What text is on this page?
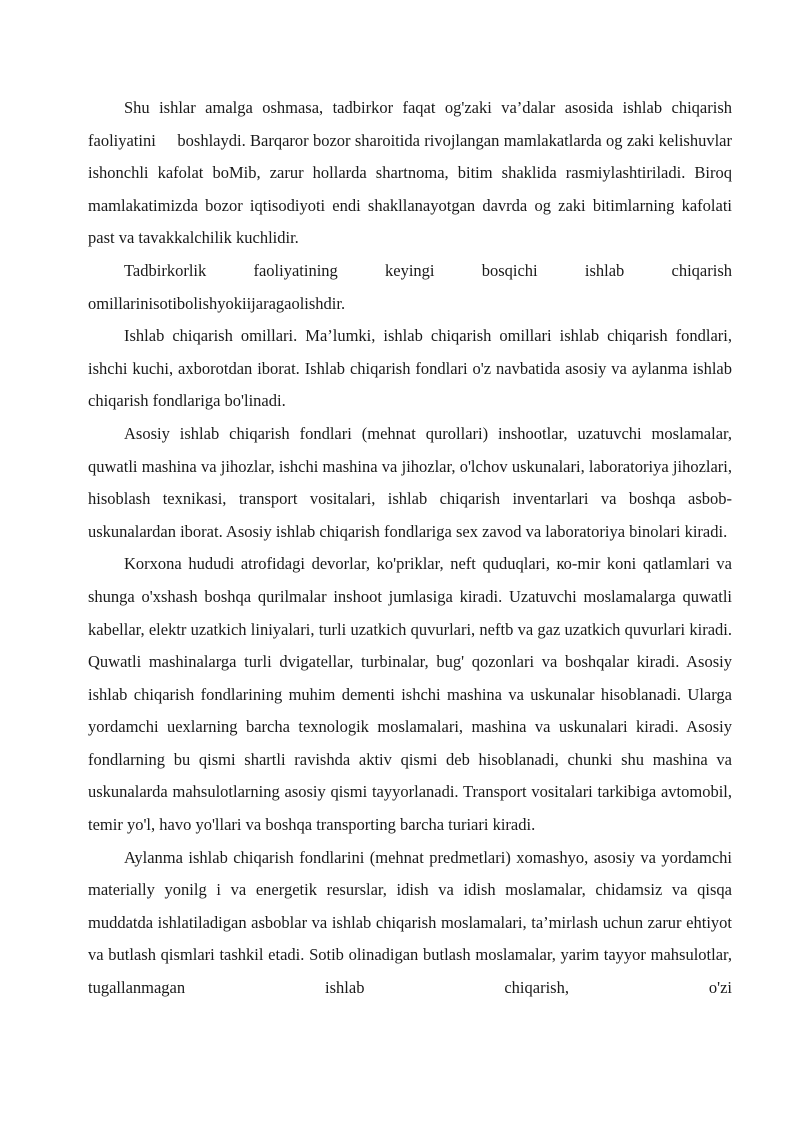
Shu ishlar amalga oshmasa, tadbirkor faqat og'zaki va’dalar asosida ishlab chiqarish faoliyatini     boshlaydi. Barqaror bozor sharoitida rivojlangan mamlakatlarda og zaki kelishuvlar ishonchli kafolat boMib, zarur hollarda shartnoma, bitim shaklida rasmiylashtiriladi. Biroq mamlakatimizda bozor iqtisodiyoti endi shakllanayotgan davrda og zaki bitimlarning kafolati past va tavakkalchilik kuchlidir.

Tadbirkorlik faoliyatining keyingi bosqichi ishlab chiqarish
omillarinisotibolishyokiijaragaolishdir.

Ishlab chiqarish omillari. Ma’lumki, ishlab chiqarish omillari ishlab chiqarish fondlari, ishchi kuchi, axborotdan iborat. Ishlab chiqarish fondlari o'z navbatida asosiy va aylanma ishlab chiqarish fondlariga bo'linadi.

Asosiy ishlab chiqarish fondlari (mehnat qurollari) inshootlar, uzatuvchi moslamalar, quwatli mashina va jihozlar, ishchi mashina va jihozlar, o'lchov uskunalari, laboratoriya jihozlari, hisoblash texnikasi, transport vositalari, ishlab chiqarish inventarlari va boshqa asbob-uskunalardan iborat. Asosiy ishlab chiqarish fondlariga sex zavod va laboratoriya binolari kiradi.

Korxona hududi atrofidagi devorlar, ko'priklar, neft quduqlari, ко-mir koni qatlamlari va shunga o'xshash boshqa qurilmalar inshoot jumlasiga kiradi. Uzatuvchi moslamalarga quwatli kabellar, elektr uzatkich liniyalari, turli uzatkich quvurlari, neftb va gaz uzatkich quvurlari kiradi. Quwatli mashinalarga turli dvigatellar, turbinalar, bug' qozonlari va boshqalar kiradi. Asosiy ishlab chiqarish fondlarining muhim dementi ishchi mashina va uskunalar hisoblanadi. Ularga yordamchi uexlarning barcha texnologik moslamalari, mashina va uskunalari kiradi. Asosiy fondlarning bu qismi shartli ravishda aktiv qismi deb hisoblanadi, chunki shu mashina va uskunalarda mahsulotlarning asosiy qismi tayyorlanadi. Transport vositalari tarkibiga avtomobil, temir yo'l, havo yo'llari va boshqa transporting barcha turiari kiradi.

Aylanma ishlab chiqarish fondlarini (mehnat predmetlari) xomashyo, asosiy va yordamchi materially yonilg i va energetik resurslar, idish va idish moslamalar, chidamsiz va qisqa muddatda ishlatiladigan asboblar va ishlab chiqarish moslamalari, ta’mirlash uchun zarur ehtiyot va butlash qismlari tashkil etadi. Sotib olinadigan butlash moslamalar, yarim tayyor mahsulotlar, tugallanmagan ishlab chiqarish, o'zi
